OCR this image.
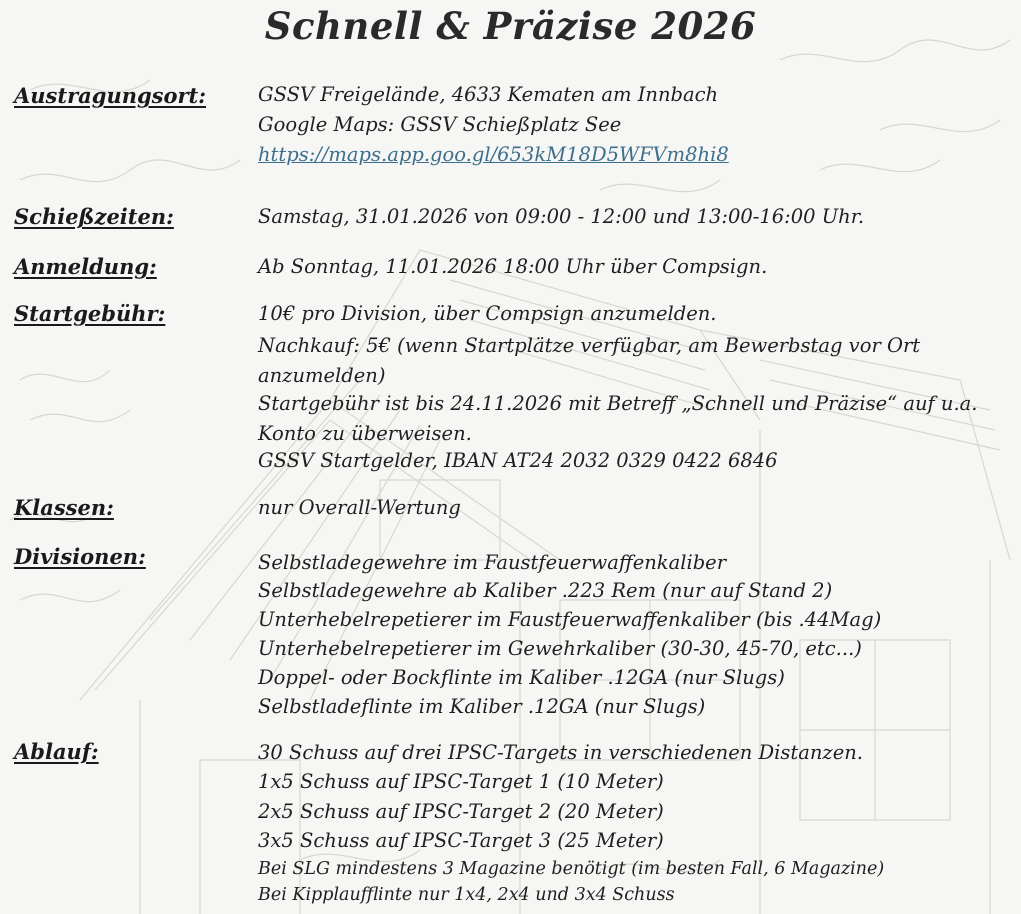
Schnell & Präzise 2026
Austragungsort:	GSSV Freigelände, 4633 Kematen am Innbach
Google Maps: GSSV Schießplatz See
https://maps.app.goo.gl/653kM18D5WFVm8hi8
Schießzeiten:	Samstag, 31.01.2026 von 09:00 - 12:00 und 13:00-16:00 Uhr.
Anmeldung:	Ab Sonntag, 11.01.2026 18:00 Uhr über Compsign.
Startgebühr:	10€ pro Division, über Compsign anzumelden.
Nachkauf: 5€ (wenn Startplätze verfügbar, am Bewerbstag vor Ort anzumelden)
Startgebühr ist bis 24.11.2026 mit Betreff „Schnell und Präzise“ auf u.a. Konto zu überweisen.
GSSV Startgelder, IBAN AT24 2032 0329 0422 6846
Klassen:	nur Overall-Wertung
Divisionen:	Selbstladegewehre im Faustfeuerwaffenkaliber
Selbstladegewehre ab Kaliber .223 Rem (nur auf Stand 2)
Unterhebelrepetierer im Faustfeuerwaffenkaliber (bis .44Mag)
Unterhebelrepetierer im Gewehrkaliber (30-30, 45-70, etc...)
Doppel- oder Bockflinte im Kaliber .12GA (nur Slugs)
Selbstladeflinte im Kaliber .12GA (nur Slugs)
Ablauf:	30 Schuss auf drei IPSC-Targets in verschiedenen Distanzen.
1x5 Schuss auf IPSC-Target 1 (10 Meter)
2x5 Schuss auf IPSC-Target 2 (20 Meter)
3x5 Schuss auf IPSC-Target 3 (25 Meter)
Bei SLG mindestens 3 Magazine benötigt (im besten Fall, 6 Magazine)
Bei Kipplaufflinte nur 1x4, 2x4 und 3x4 Schuss
